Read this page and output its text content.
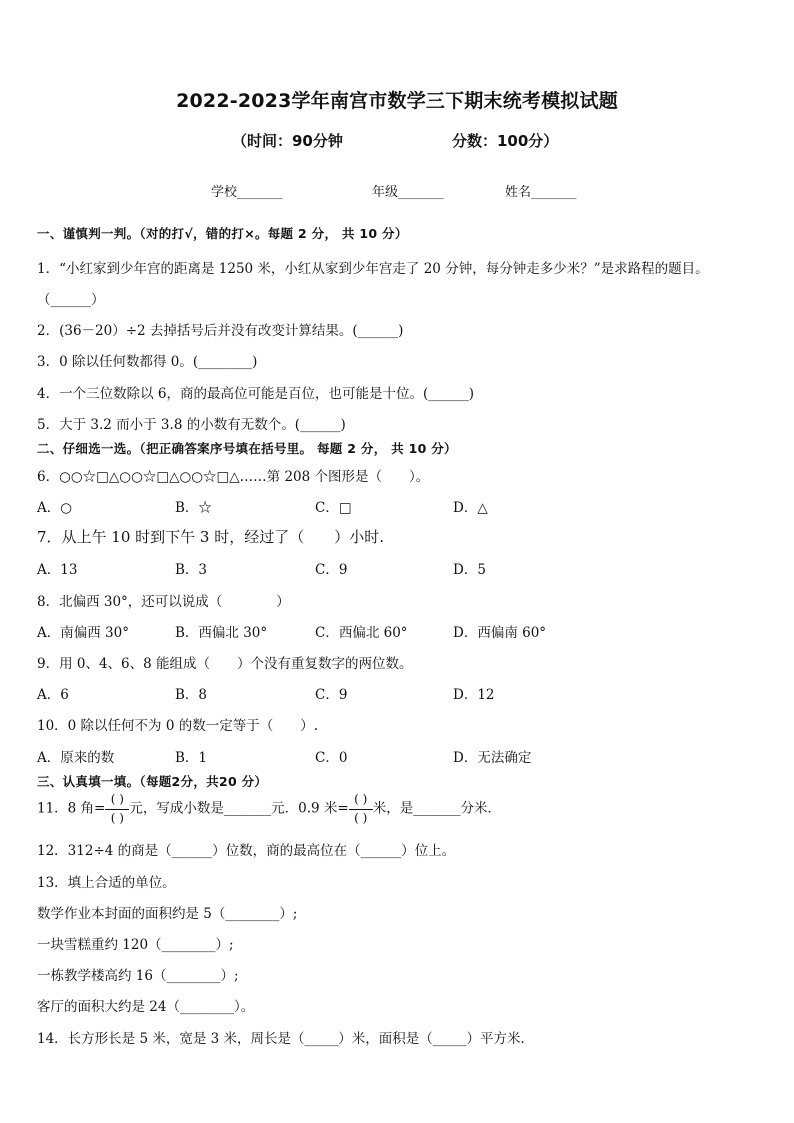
2022-2023学年南宫市数学三下期末统考模拟试题
（时间：90分钟	分数：100分）
学校_______	年级_______	姓名_______
一、谨慎判一判。（对的打√，错的打×。每题 2 分， 共 10 分）
1．“小红家到少年宫的距离是 1250 米，小红从家到少年宫走了 20 分钟，每分钟走多少米？”是求路程的题目。
（______）
2．(36－20）÷2 去掉括号后并没有改变计算结果。(______)
3．0 除以任何数都得 0。(________)
4．一个三位数除以 6，商的最高位可能是百位，也可能是十位。(______)
5．大于 3.2 而小于 3.8 的小数有无数个。(______)
二、仔细选一选。（把正确答案序号填在括号里。 每题 2 分， 共 10 分）
6．○○☆□△○○☆□△○○☆□△……第 208 个图形是（　　）。
A．○	B．☆	C．□	D．△
7．从上午 10 时到下午 3 时，经过了（　　）小时.
A．13	B．3	C．9	D．5
8．北偏西 30°，还可以说成（　　　　）
A．南偏西 30°	B．西偏北 30°	C．西偏北 60°	D．西偏南 60°
9．用 0、4、6、8 能组成（　　）个没有重复数字的两位数。
A．6	B．8	C．9	D．12
10．0 除以任何不为 0 的数一定等于（　　）.
A．原来的数	B．1	C．0	D．无法确定
三、认真填一填。（每题2分，共20 分）
11．8 角= $\frac{( )}{( )}$ 元，写成小数是_______元．0.9 米= $\frac{( )}{( )}$ 米，是_______分米．
12．312÷4 的商是（______）位数，商的最高位在（______）位上。
13．填上合适的单位。
数学作业本封面的面积约是 5（________）;
一块雪糕重约 120（________）;
一栋教学楼高约 16（________）;
客厅的面积大约是 24（________）。
14．长方形长是 5 米，宽是 3 米，周长是（_____）米，面积是（_____）平方米．
